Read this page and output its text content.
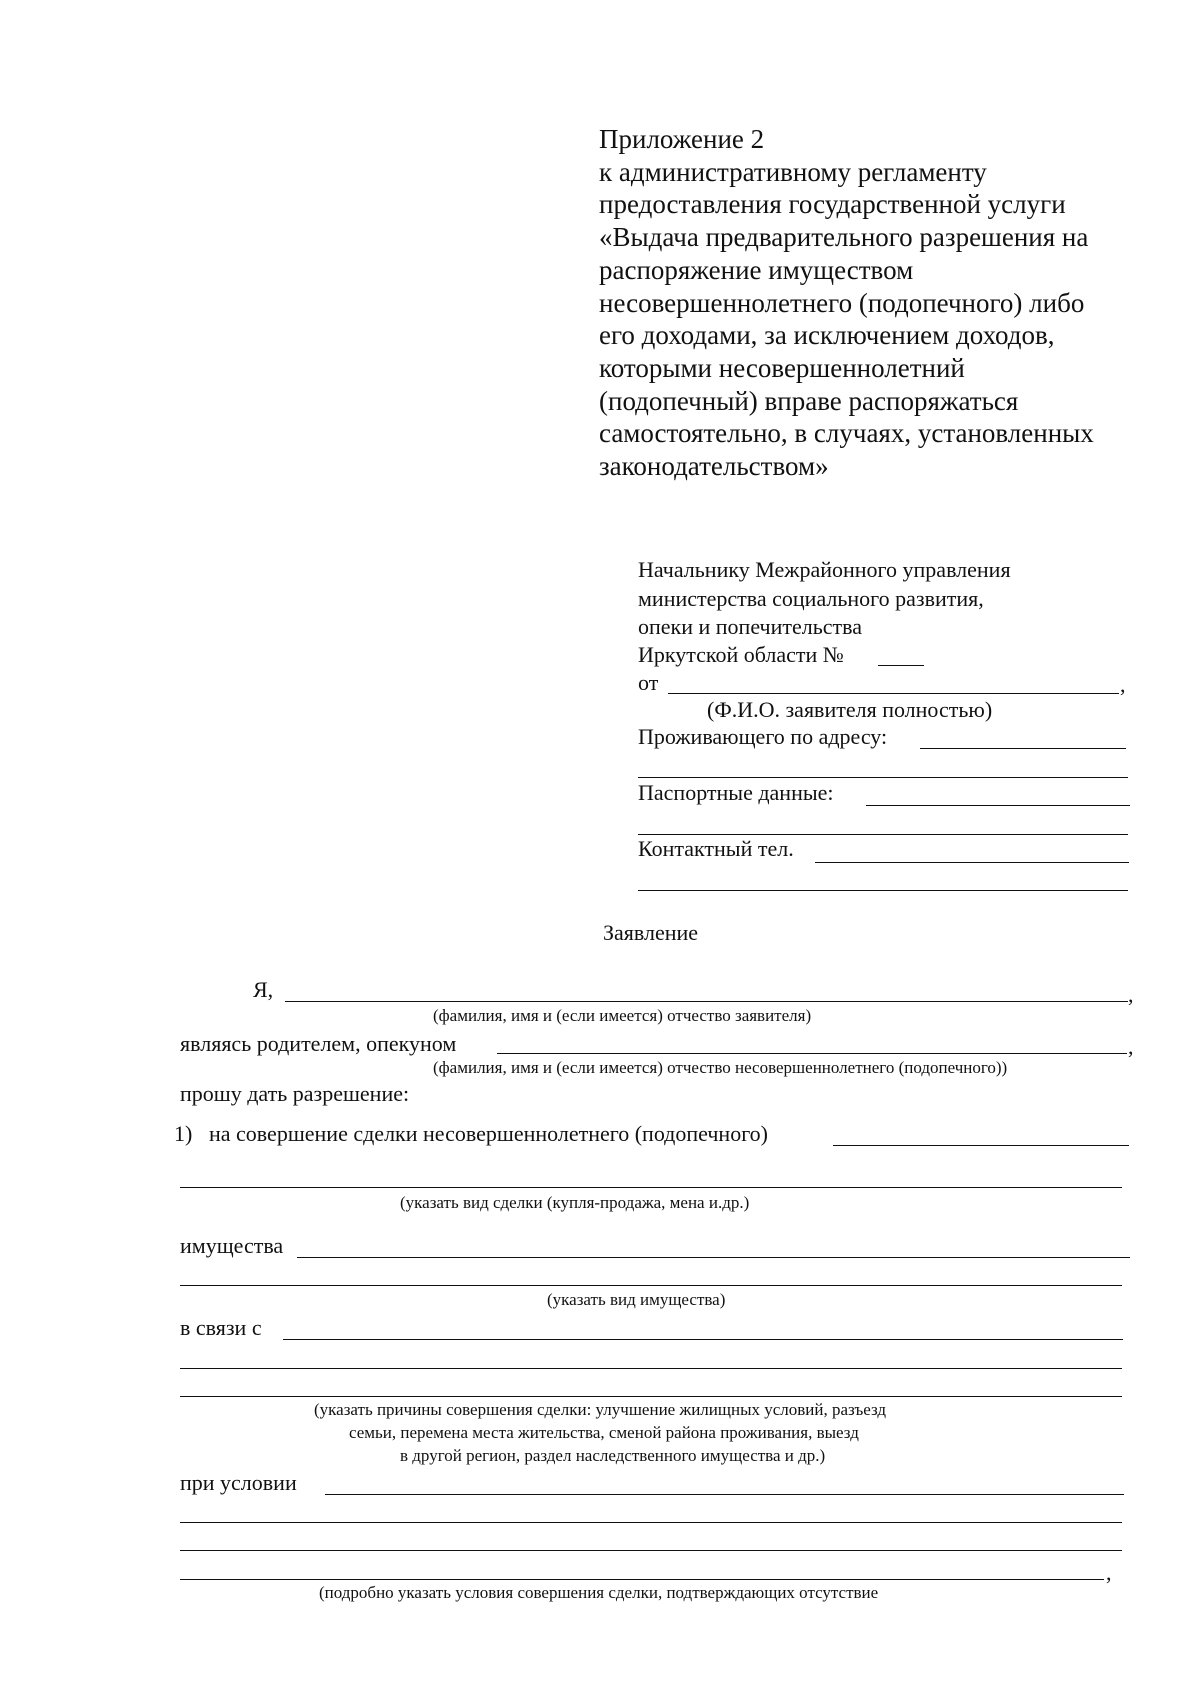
Приложение 2
к административному регламенту
предоставления государственной услуги
«Выдача предварительного разрешения на
распоряжение имуществом
несовершеннолетнего (подопечного) либо
его доходами, за исключением доходов,
которыми несовершеннолетний
(подопечный) вправе распоряжаться
самостоятельно, в случаях, установленных
законодательством»
Начальнику Межрайонного управления
министерства социального развития,
опеки и попечительства
Иркутской области №
от	,
(Ф.И.О. заявителя полностью)
Проживающего по адресу:
Паспортные данные:
Контактный тел.
Заявление
Я,	,
(фамилия, имя и (если имеется) отчество заявителя)
являясь родителем, опекуном	,
(фамилия, имя и (если имеется) отчество несовершеннолетнего (подопечного))
прошу дать разрешение:
1) на совершение сделки несовершеннолетнего (подопечного)
(указать вид сделки (купля-продажа, мена и.др.)
имущества
(указать вид имущества)
в связи с
(указать причины совершения сделки: улучшение жилищных условий, разъезд
семьи, перемена места жительства, сменой района проживания, выезд
в другой регион, раздел наследственного имущества и др.)
при условии
,
(подробно указать условия совершения сделки, подтверждающих отсутствие
